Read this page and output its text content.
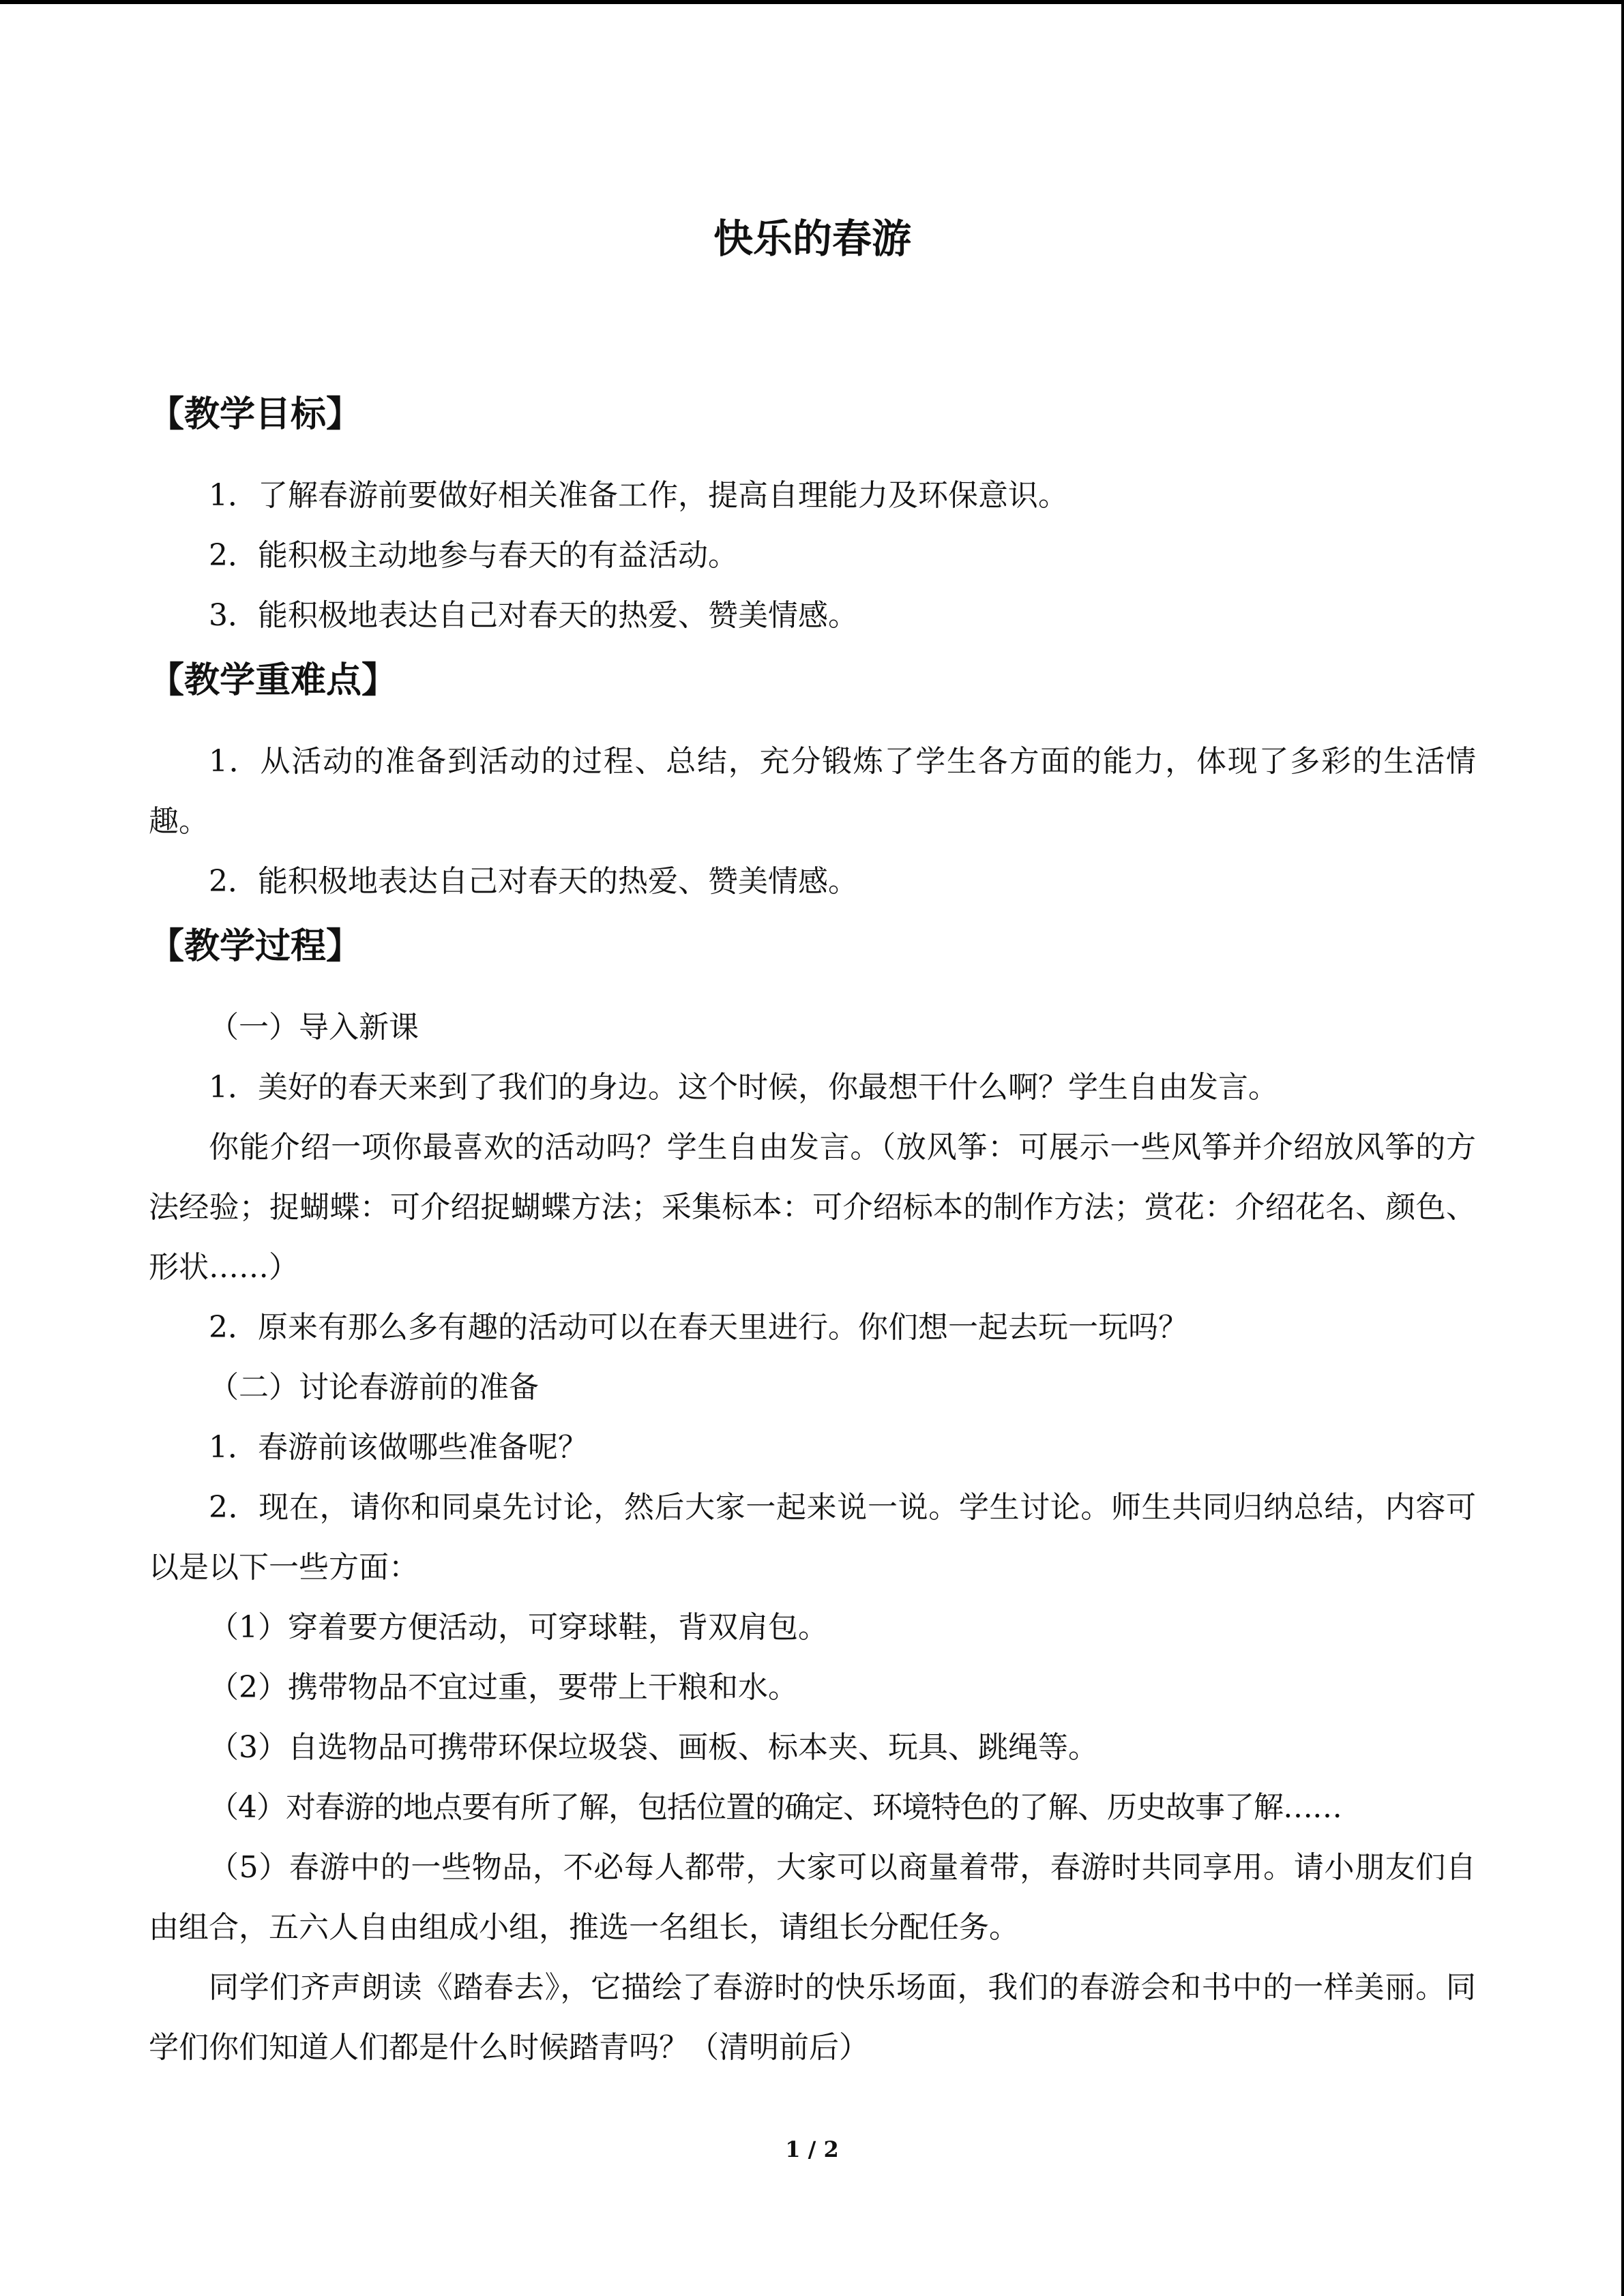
快乐的春游
【教学目标】
1．了解春游前要做好相关准备工作，提高自理能力及环保意识。
2．能积极主动地参与春天的有益活动。
3．能积极地表达自己对春天的热爱、赞美情感。
【教学重难点】
1．从活动的准备到活动的过程、总结，充分锻炼了学生各方面的能力，体现了多彩的生活情趣。
2．能积极地表达自己对春天的热爱、赞美情感。
【教学过程】
（一）导入新课
1．美好的春天来到了我们的身边。这个时候，你最想干什么啊？学生自由发言。
你能介绍一项你最喜欢的活动吗？学生自由发言。（放风筝：可展示一些风筝并介绍放风筝的方法经验；捉蝴蝶：可介绍捉蝴蝶方法；采集标本：可介绍标本的制作方法；赏花：介绍花名、颜色、形状……）
2．原来有那么多有趣的活动可以在春天里进行。你们想一起去玩一玩吗？
（二）讨论春游前的准备
1．春游前该做哪些准备呢？
2．现在，请你和同桌先讨论，然后大家一起来说一说。学生讨论。师生共同归纳总结，内容可以是以下一些方面：
（1）穿着要方便活动，可穿球鞋，背双肩包。
（2）携带物品不宜过重，要带上干粮和水。
（3）自选物品可携带环保垃圾袋、画板、标本夹、玩具、跳绳等。
（4）对春游的地点要有所了解，包括位置的确定、环境特色的了解、历史故事了解……
（5）春游中的一些物品，不必每人都带，大家可以商量着带，春游时共同享用。请小朋友们自由组合，五六人自由组成小组，推选一名组长，请组长分配任务。
同学们齐声朗读《踏春去》，它描绘了春游时的快乐场面，我们的春游会和书中的一样美丽。同学们你们知道人们都是什么时候踏青吗？（清明前后）
1 / 2
